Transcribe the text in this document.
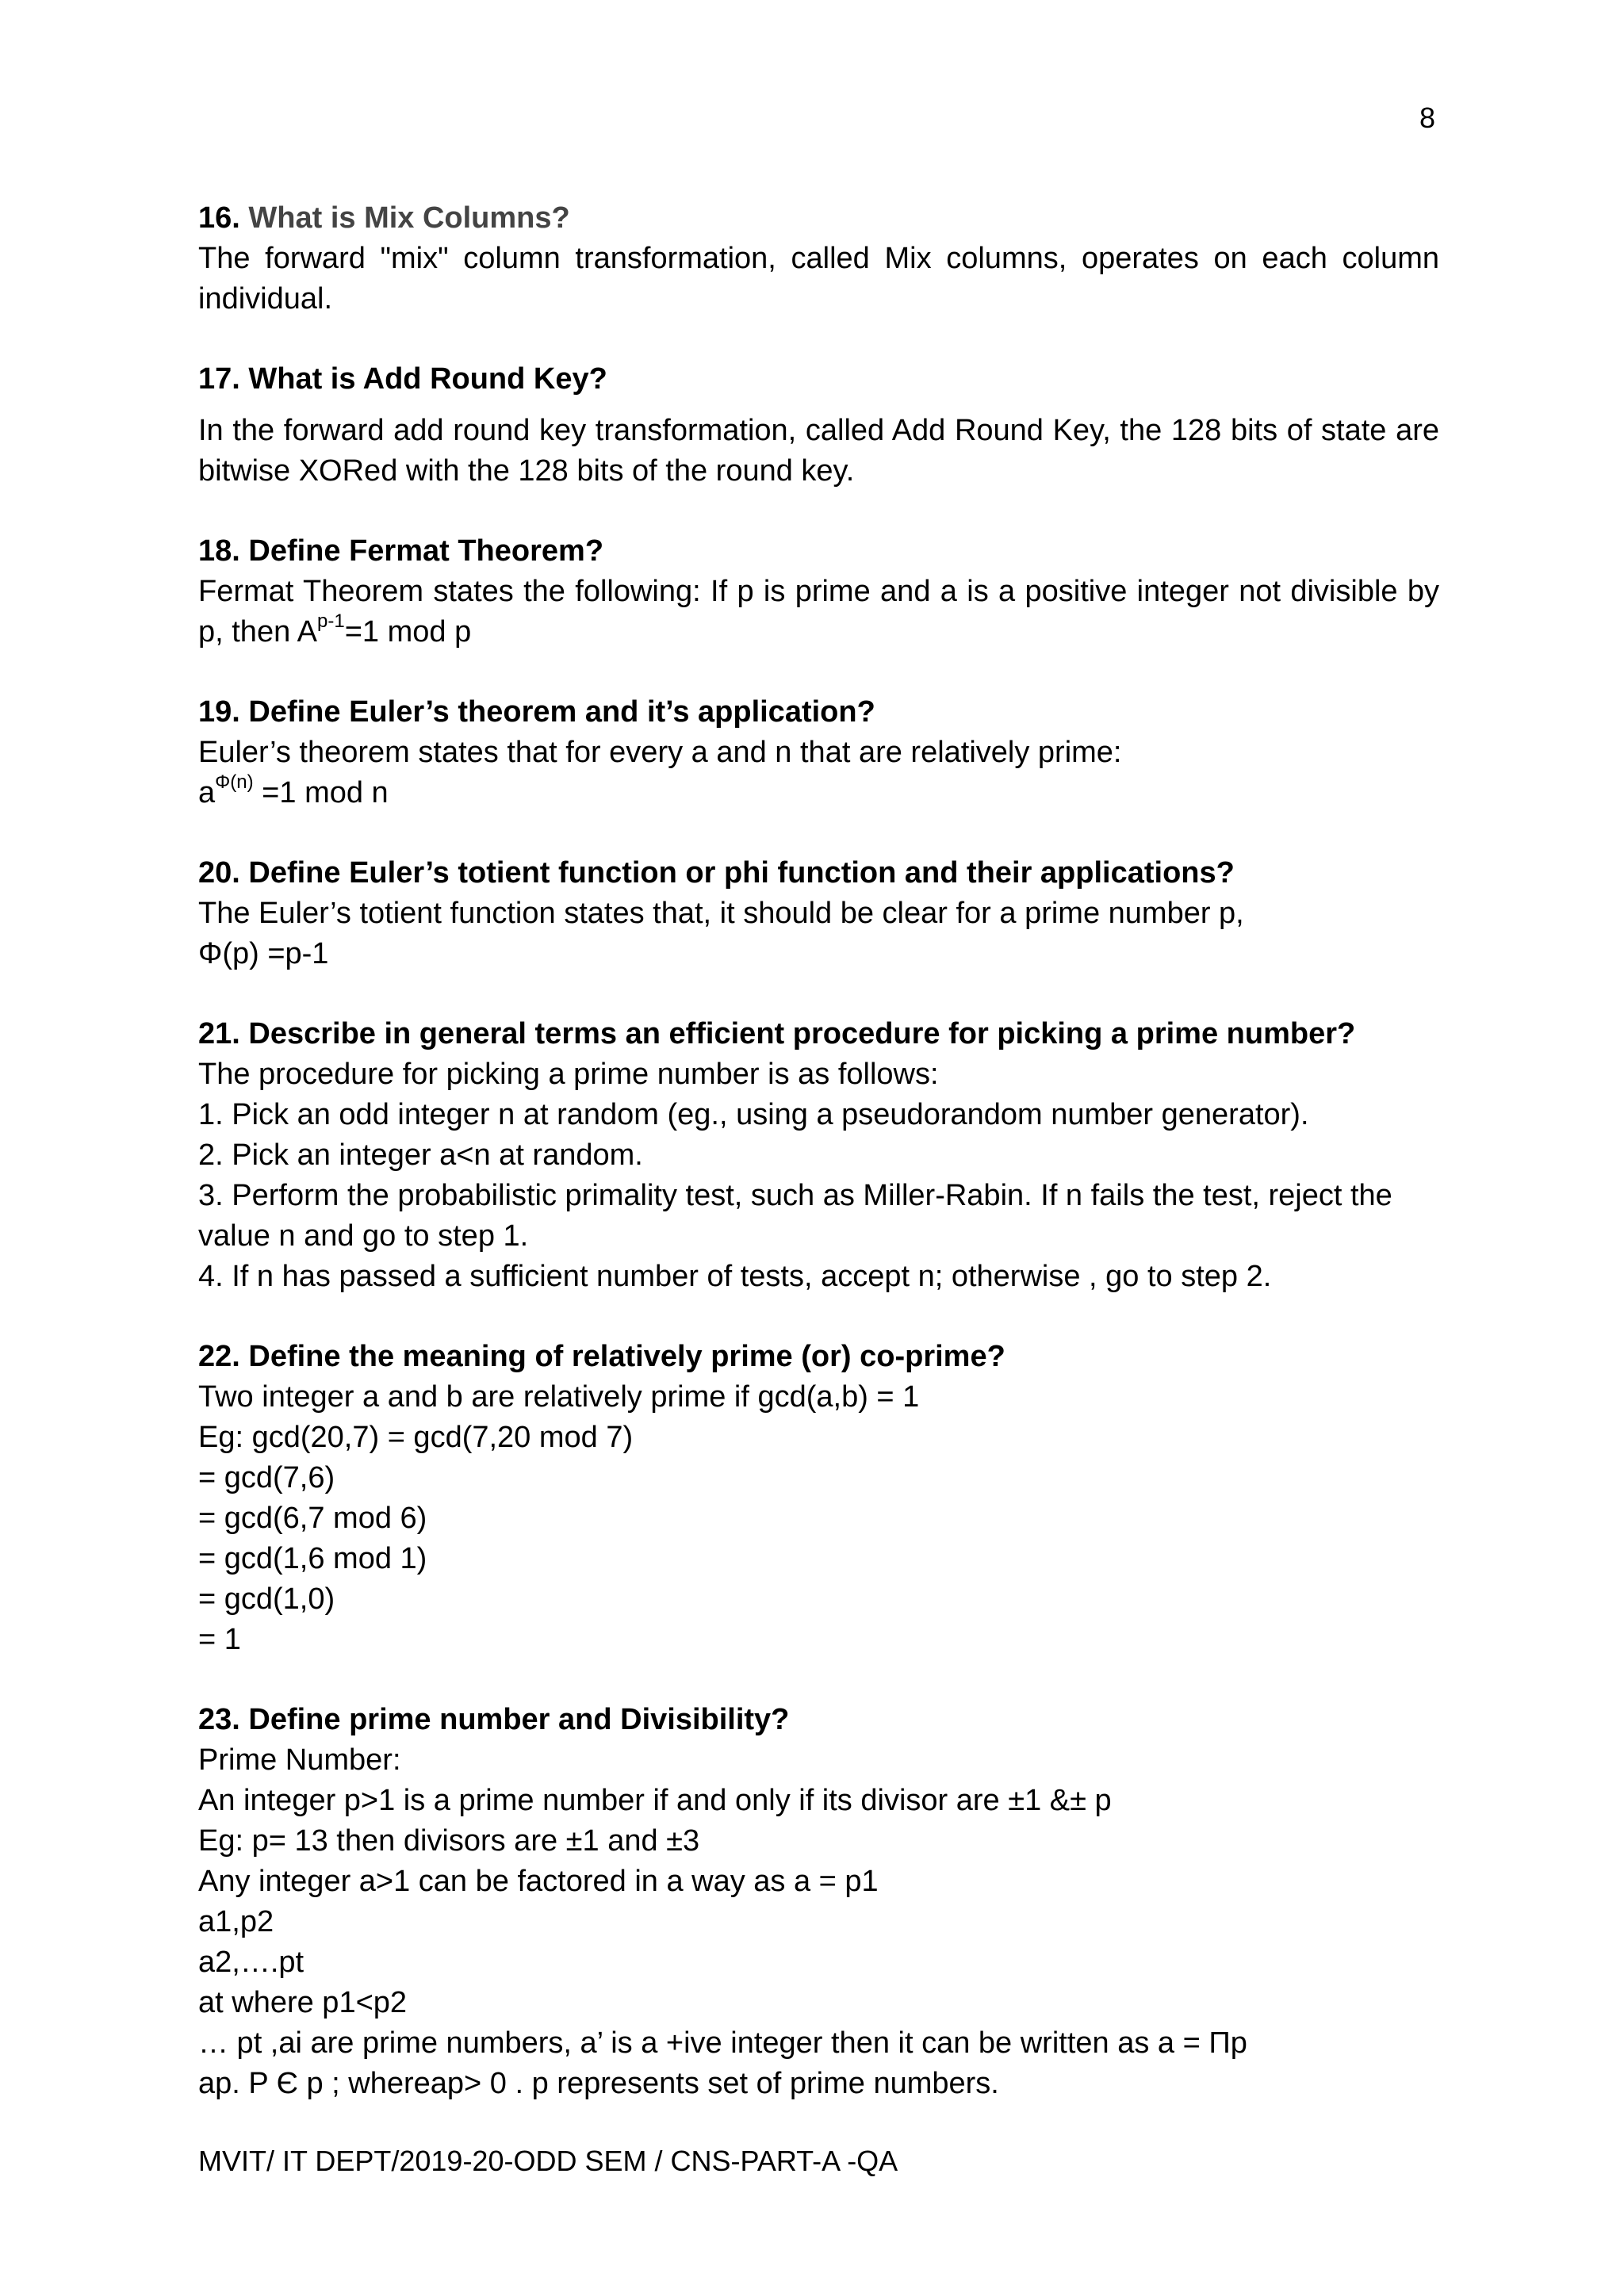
8

16. What is Mix Columns?

The forward "mix" column transformation, called Mix columns, operates on each column individual.

17. What is Add Round Key?

In the forward add round key transformation, called Add Round Key, the 128 bits of state are bitwise XORed with the 128 bits of the round key.

18. Define Fermat Theorem?

Fermat Theorem states the following: If p is prime and a is a positive integer not divisible by p, then $A^{p-1}=1$ mod p

19. Define Euler’s theorem and it’s application?

Euler’s theorem states that for every a and n that are relatively prime:

$a^{\Phi(n)} =1$ mod n

20. Define Euler’s totient function or phi function and their applications?

The Euler’s totient function states that, it should be clear for a prime number p,

Φ(p) =p-1

21. Describe in general terms an efficient procedure for picking a prime number?

The procedure for picking a prime number is as follows:

1. Pick an odd integer n at random (eg., using a pseudorandom number generator).

2. Pick an integer a<n at random.

3. Perform the probabilistic primality test, such as Miller-Rabin. If n fails the test, reject the value n and go to step 1.

4. If n has passed a sufficient number of tests, accept n; otherwise , go to step 2.

22. Define the meaning of relatively prime (or) co-prime?

Two integer a and b are relatively prime if gcd(a,b) = 1

Eg: gcd(20,7) = gcd(7,20 mod 7)

= gcd(7,6)

= gcd(6,7 mod 6)

= gcd(1,6 mod 1)

= gcd(1,0)

= 1

23. Define prime number and Divisibility?

Prime Number:

An integer p>1 is a prime number if and only if its divisor are ±1 &± p

Eg: p= 13 then divisors are ±1 and ±3

Any integer a>1 can be factored in a way as a = p1

a1,p2

a2,….pt

at where p1<p2

… pt ,ai are prime numbers, a’ is a +ive integer then it can be written as a = Πp

ap. P Є p ; whereap> 0 . p represents set of prime numbers.

MVIT/ IT DEPT/2019-20-ODD SEM / CNS-PART-A -QA
